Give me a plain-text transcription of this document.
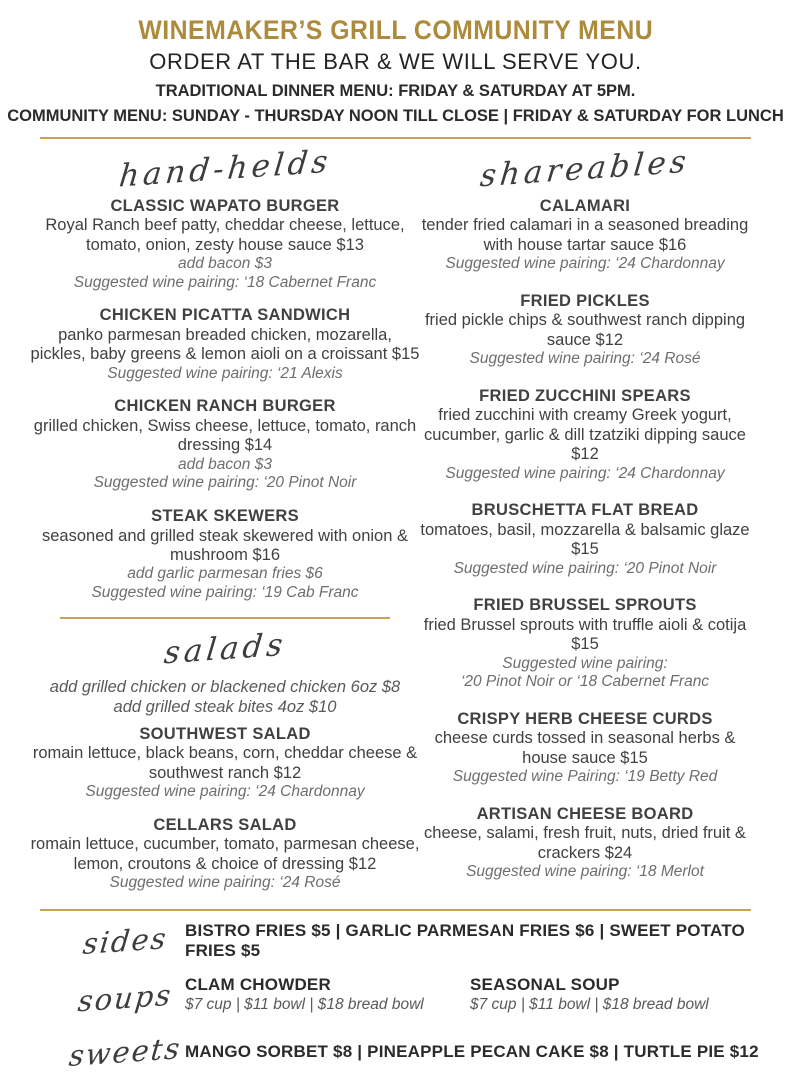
WINEMAKER’S GRILL COMMUNITY MENU
ORDER AT THE BAR & WE WILL SERVE YOU.
TRADITIONAL DINNER MENU: FRIDAY & SATURDAY AT 5PM.
COMMUNITY MENU: SUNDAY - THURSDAY NOON TILL CLOSE | FRIDAY & SATURDAY FOR LUNCH
hand-helds
CLASSIC WAPATO BURGER
Royal Ranch beef patty, cheddar cheese, lettuce, tomato, onion, zesty house sauce $13
add bacon $3
Suggested wine pairing: ‘18 Cabernet Franc
CHICKEN PICATTA SANDWICH
panko parmesan breaded chicken, mozarella, pickles, baby greens & lemon aioli on a croissant $15
Suggested wine pairing: ‘21 Alexis
CHICKEN RANCH BURGER
grilled chicken, Swiss cheese, lettuce, tomato, ranch dressing $14
add bacon $3
Suggested wine pairing: ‘20 Pinot Noir
STEAK SKEWERS
seasoned and grilled steak skewered with onion & mushroom $16
add garlic parmesan fries $6
Suggested wine pairing: ‘19 Cab Franc
salads
add grilled chicken or blackened chicken 6oz $8
add grilled steak bites 4oz $10
SOUTHWEST SALAD
romain lettuce, black beans, corn, cheddar cheese & southwest ranch $12
Suggested wine pairing: ‘24 Chardonnay
CELLARS SALAD
romain lettuce, cucumber, tomato, parmesan cheese, lemon, croutons & choice of dressing $12
Suggested wine pairing: ‘24 Rosé
shareables
CALAMARI
tender fried calamari in a seasoned breading with house tartar sauce $16
Suggested wine pairing: ‘24 Chardonnay
FRIED PICKLES
fried pickle chips & southwest ranch dipping sauce $12
Suggested wine pairing: ‘24 Rosé
FRIED ZUCCHINI SPEARS
fried zucchini with creamy Greek yogurt, cucumber, garlic & dill tzatziki dipping sauce $12
Suggested wine pairing: ‘24 Chardonnay
BRUSCHETTA FLAT BREAD
tomatoes, basil, mozzarella & balsamic glaze $15
Suggested wine pairing: ‘20 Pinot Noir
FRIED BRUSSEL SPROUTS
fried Brussel sprouts with truffle aioli & cotija $15
Suggested wine pairing:
‘20 Pinot Noir or ‘18 Cabernet Franc
CRISPY HERB CHEESE CURDS
cheese curds tossed in seasonal herbs & house sauce $15
Suggested wine Pairing: ‘19 Betty Red
ARTISAN CHEESE BOARD
cheese, salami, fresh fruit, nuts, dried fruit & crackers $24
Suggested wine pairing: ‘18 Merlot
sides BISTRO FRIES $5 | GARLIC PARMESAN FRIES $6 | SWEET POTATO FRIES $5
soups CLAM CHOWDER
$7 cup | $11 bowl | $18 bread bowl
SEASONAL SOUP
$7 cup | $11 bowl | $18 bread bowl
sweets MANGO SORBET $8 | PINEAPPLE PECAN CAKE $8 | TURTLE PIE $12
